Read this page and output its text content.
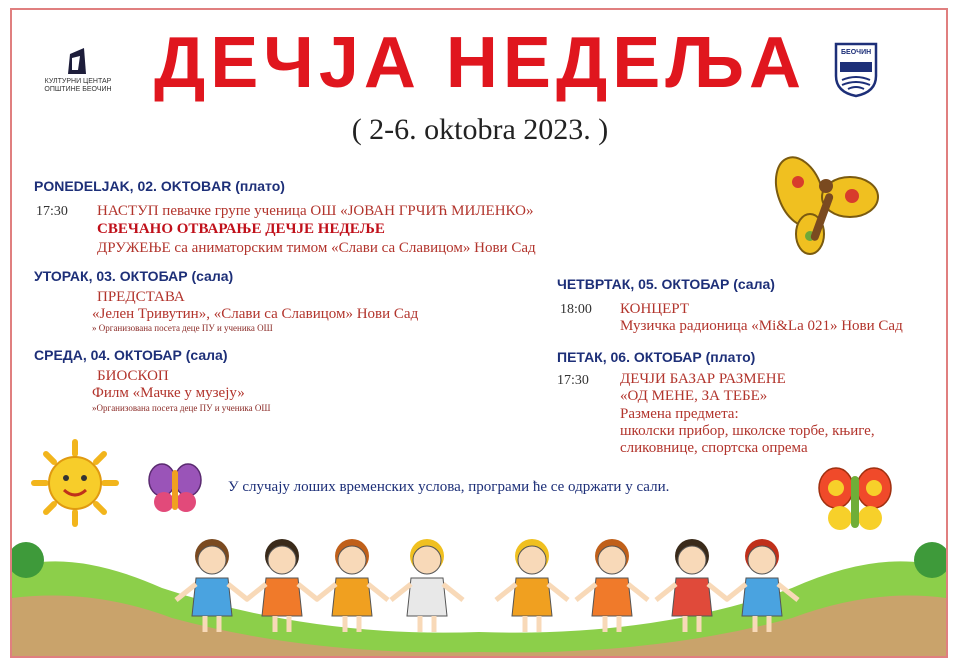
КУЛТУРНИ ЦЕНТАР
ОПШТИНЕ БЕОЧИН
БЕОЧИН
ДЕЧЈА НЕДЕЉА
( 2-6. oktobra 2023. )
PONEDELJAK, 02. OKTOBAR (плато)
17:30 НАСТУП певачке групе ученица ОШ «ЈОВАН ГРЧИЋ МИЛЕНКО»
СВЕЧАНО ОТВАРАЊЕ ДЕЧЈЕ НЕДЕЉЕ
ДРУЖЕЊЕ са аниматорским тимом «Слави са Славицом» Нови Сад
УТОРАК, 03. ОКТОБАР (сала)
ПРЕДСТАВА
«Јелен Тривутин», «Слави са Славицом» Нови Сад
» Организована посета деце ПУ и ученика ОШ
СРЕДА, 04. ОКТОБАР (сала)
БИОСКОП
Филм «Мачке у музеју»
»Организована посета деце ПУ и ученика ОШ
ЧЕТВРТАК, 05. ОКТОБАР (сала)
18:00 КОНЦЕРТ
Музичка радионица «Mi&La 021» Нови Сад
ПЕТАК, 06. ОКТОБАР (плато)
17:30 ДЕЧЈИ БАЗАР РАЗМЕНЕ
«ОД МЕНЕ, ЗА ТЕБЕ»
Размена предмета:
школски прибор, школске торбе, књиге,
сликовнице, спортска опрема
У случају лоших временских услова, програми ће се одржати у сали.
